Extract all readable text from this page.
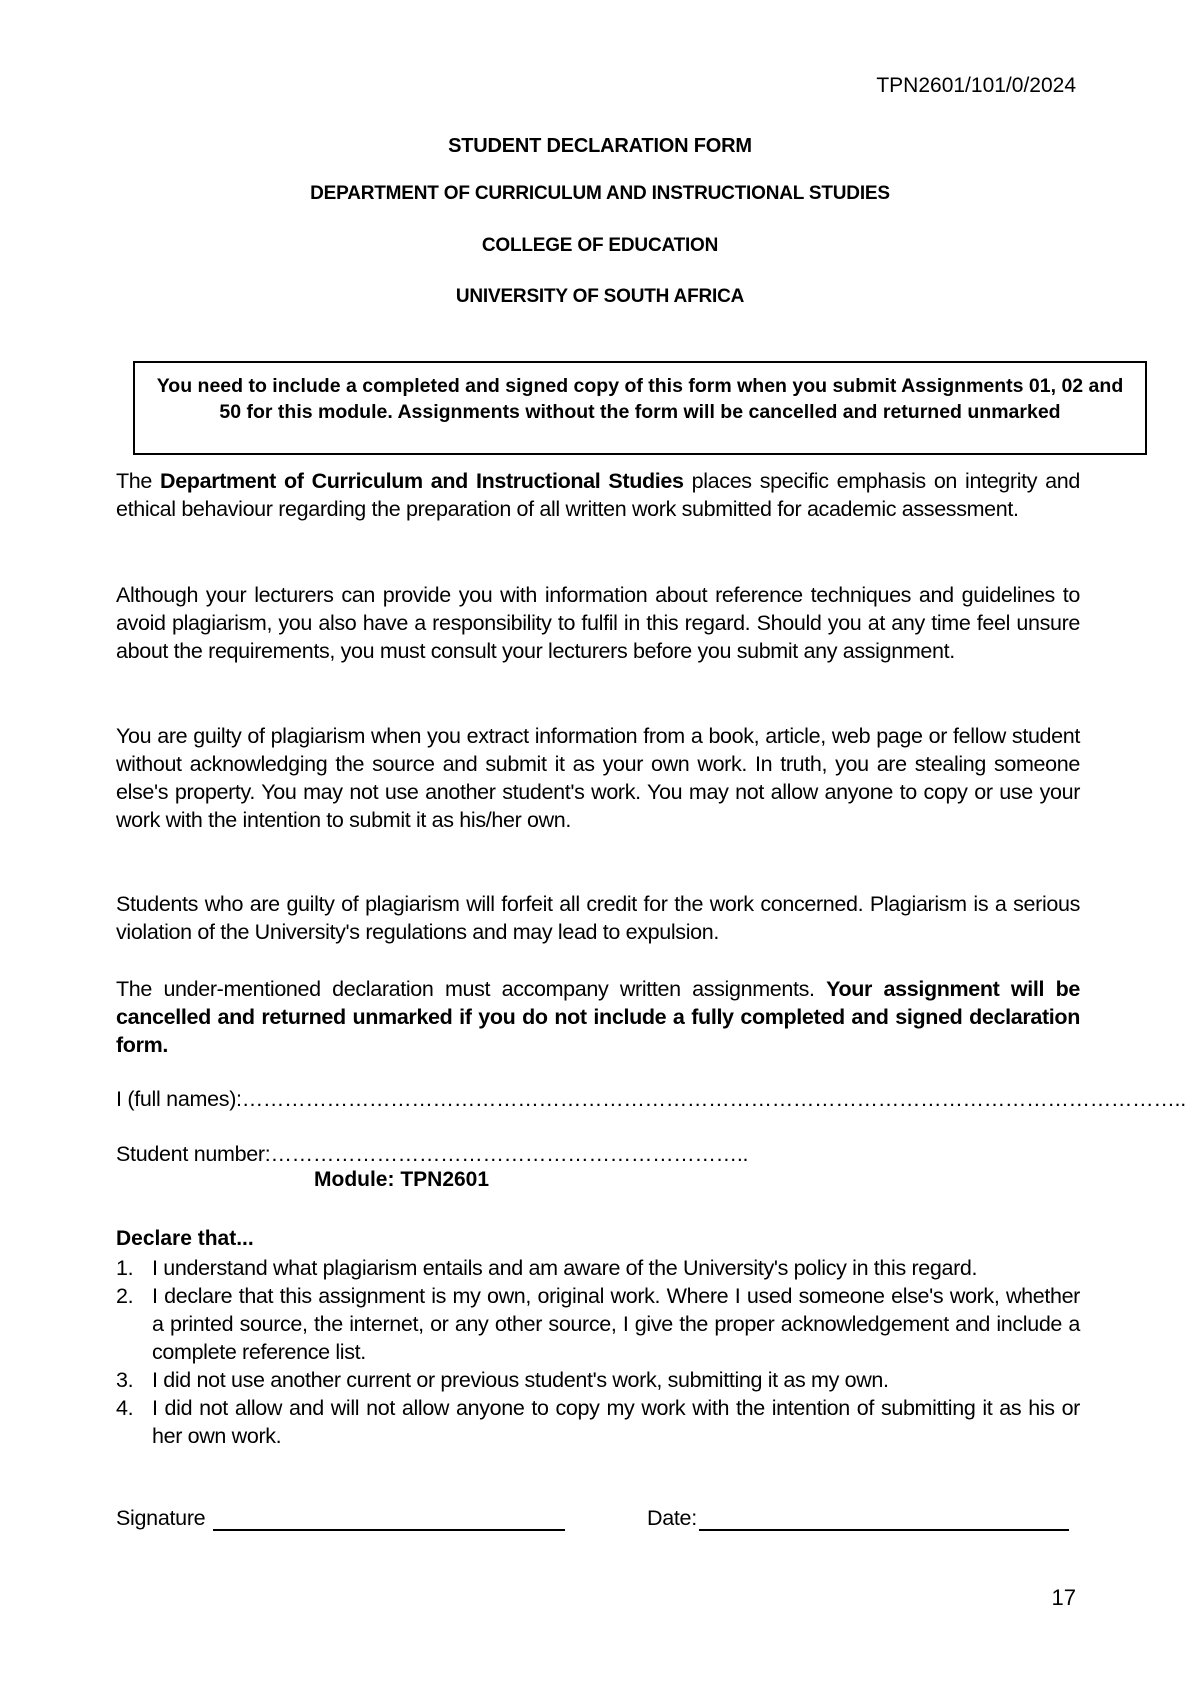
TPN2601/101/0/2024
STUDENT DECLARATION FORM
DEPARTMENT OF CURRICULUM AND INSTRUCTIONAL STUDIES
COLLEGE OF EDUCATION
UNIVERSITY OF SOUTH AFRICA
You need to include a completed and signed copy of this form when you submit Assignments 01, 02 and 50 for this module. Assignments without the form will be cancelled and returned unmarked

The Department of Curriculum and Instructional Studies places specific emphasis on integrity and ethical behaviour regarding the preparation of all written work submitted for academic assessment.

Although your lecturers can provide you with information about reference techniques and guidelines to avoid plagiarism, you also have a responsibility to fulfil in this regard. Should you at any time feel unsure about the requirements, you must consult your lecturers before you submit any assignment.

You are guilty of plagiarism when you extract information from a book, article, web page or fellow student without acknowledging the source and submit it as your own work. In truth, you are stealing someone else's property. You may not use another student's work. You may not allow anyone to copy or use your work with the intention to submit it as his/her own.

Students who are guilty of plagiarism will forfeit all credit for the work concerned. Plagiarism is a serious violation of the University's regulations and may lead to expulsion.

The under-mentioned declaration must accompany written assignments. Your assignment will be cancelled and returned unmarked if you do not include a fully completed and signed declaration form.

I (full names): ……………………………………………………………………………………………………………………..
Student number:…………………………………………………………..
Module: TPN2601
Declare that...
1. I understand what plagiarism entails and am aware of the University's policy in this regard.
2. I declare that this assignment is my own, original work. Where I used someone else's work, whether a printed source, the internet, or any other source, I give the proper acknowledgement and include a complete reference list.
3. I did not use another current or previous student's work, submitting it as my own.
4. I did not allow and will not allow anyone to copy my work with the intention of submitting it as his or her own work.
Signature	Date:
17
